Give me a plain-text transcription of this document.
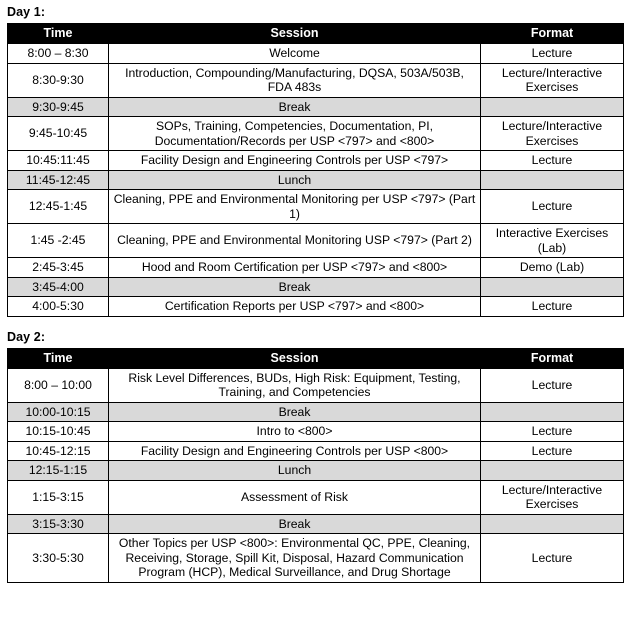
Day 1:
Time	Session	Format
8:00 – 8:30	Welcome	Lecture
8:30-9:30	Introduction, Compounding/Manufacturing, DQSA, 503A/503B, FDA 483s	Lecture/Interactive Exercises
9:30-9:45	Break	
9:45-10:45	SOPs, Training, Competencies, Documentation, PI, Documentation/Records per USP <797> and <800>	Lecture/Interactive Exercises
10:45:11:45	Facility Design and Engineering Controls per USP <797>	Lecture
11:45-12:45	Lunch	
12:45-1:45	Cleaning, PPE and Environmental Monitoring per USP <797> (Part 1)	Lecture
1:45 -2:45	Cleaning, PPE and Environmental Monitoring USP <797> (Part 2)	Interactive Exercises (Lab)
2:45-3:45	Hood and Room Certification per USP <797> and <800>	Demo (Lab)
3:45-4:00	Break	
4:00-5:30	Certification Reports per USP <797> and <800>	Lecture
Day 2:
Time	Session	Format
8:00 – 10:00	Risk Level Differences, BUDs, High Risk: Equipment, Testing, Training, and Competencies	Lecture
10:00-10:15	Break	
10:15-10:45	Intro to <800>	Lecture
10:45-12:15	Facility Design and Engineering Controls per USP <800>	Lecture
12:15-1:15	Lunch	
1:15-3:15	Assessment of Risk	Lecture/Interactive Exercises
3:15-3:30	Break	
3:30-5:30	Other Topics per USP <800>: Environmental QC, PPE, Cleaning, Receiving, Storage, Spill Kit, Disposal, Hazard Communication Program (HCP), Medical Surveillance, and Drug Shortage	Lecture
